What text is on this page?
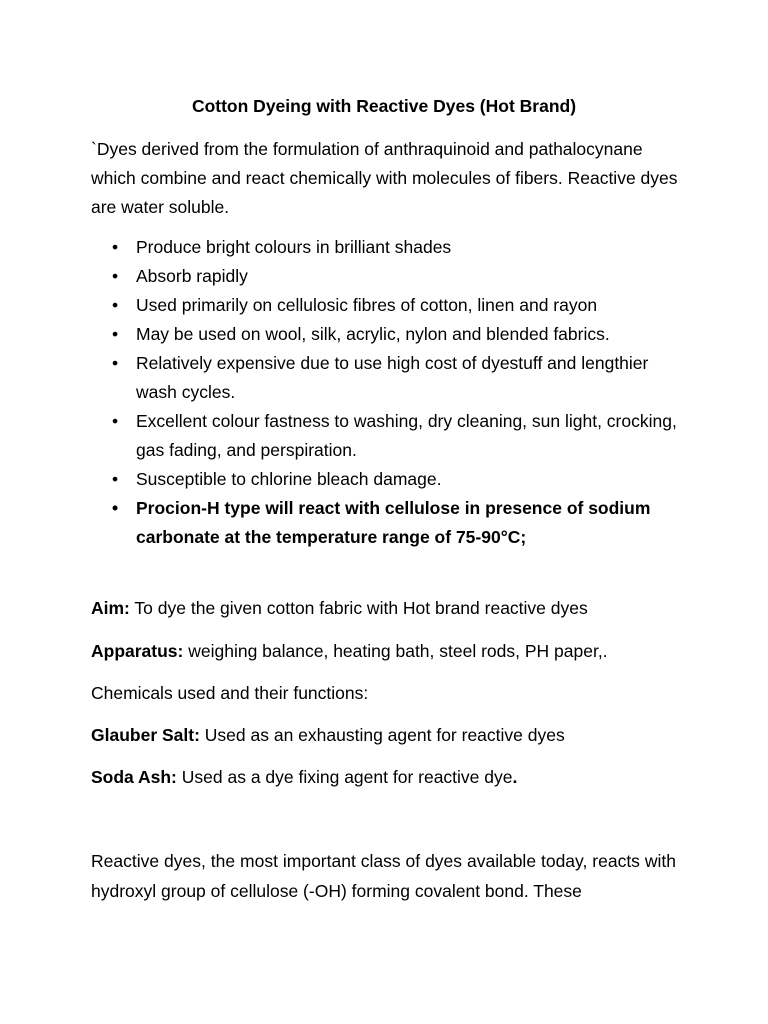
Cotton Dyeing with Reactive Dyes (Hot Brand)

`Dyes derived from the formulation of anthraquinoid and pathalocynane which combine and react chemically with molecules of fibers. Reactive dyes are water soluble.

• Produce bright colours in brilliant shades
• Absorb rapidly
• Used primarily on cellulosic fibres of cotton, linen and rayon
• May be used on wool, silk, acrylic, nylon and blended fabrics.
• Relatively expensive due to use high cost of dyestuff and lengthier wash cycles.
• Excellent colour fastness to washing, dry cleaning, sun light, crocking, gas fading, and perspiration.
• Susceptible to chlorine bleach damage.
• Procion-H type will react with cellulose in presence of sodium carbonate at the temperature range of 75-90°C;

Aim: To dye the given cotton fabric with Hot brand reactive dyes

Apparatus: weighing balance, heating bath, steel rods, PH paper,.

Chemicals used and their functions:

Glauber Salt: Used as an exhausting agent for reactive dyes

Soda Ash: Used as a dye fixing agent for reactive dye.

Reactive dyes, the most important class of dyes available today, reacts with hydroxyl group of cellulose (-OH) forming covalent bond. These
